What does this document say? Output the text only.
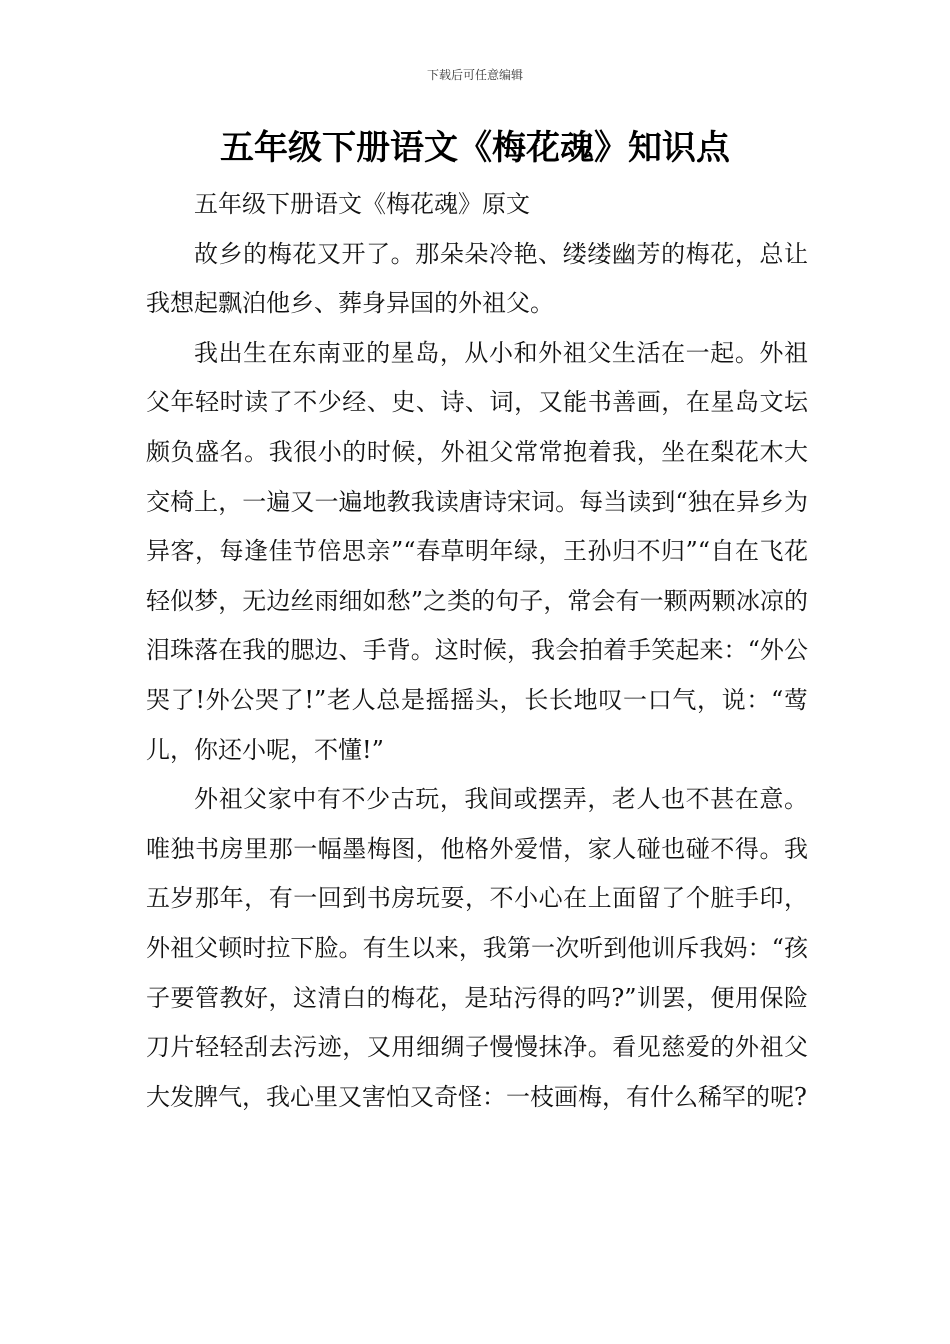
下载后可任意编辑
五年级下册语文《梅花魂》知识点

五年级下册语文《梅花魂》原文

故乡的梅花又开了。那朵朵冷艳、缕缕幽芳的梅花，总让我想起飘泊他乡、葬身异国的外祖父。

我出生在东南亚的星岛，从小和外祖父生活在一起。外祖父年轻时读了不少经、史、诗、词，又能书善画，在星岛文坛颇负盛名。我很小的时候，外祖父常常抱着我，坐在梨花木大交椅上，一遍又一遍地教我读唐诗宋词。每当读到“独在异乡为异客，每逢佳节倍思亲”“春草明年绿，王孙归不归”“自在飞花轻似梦，无边丝雨细如愁”之类的句子，常会有一颗两颗冰凉的泪珠落在我的腮边、手背。这时候，我会拍着手笑起来：“外公哭了!外公哭了!”老人总是摇摇头，长长地叹一口气，说：“莺儿，你还小呢，不懂!”

外祖父家中有不少古玩，我间或摆弄，老人也不甚在意。唯独书房里那一幅墨梅图，他格外爱惜，家人碰也碰不得。我五岁那年，有一回到书房玩耍，不小心在上面留了个脏手印，外祖父顿时拉下脸。有生以来，我第一次听到他训斥我妈：“孩子要管教好，这清白的梅花，是玷污得的吗?”训罢，便用保险刀片轻轻刮去污迹，又用细绸子慢慢抹净。看见慈爱的外祖父大发脾气，我心里又害怕又奇怪：一枝画梅，有什么稀罕的呢?
